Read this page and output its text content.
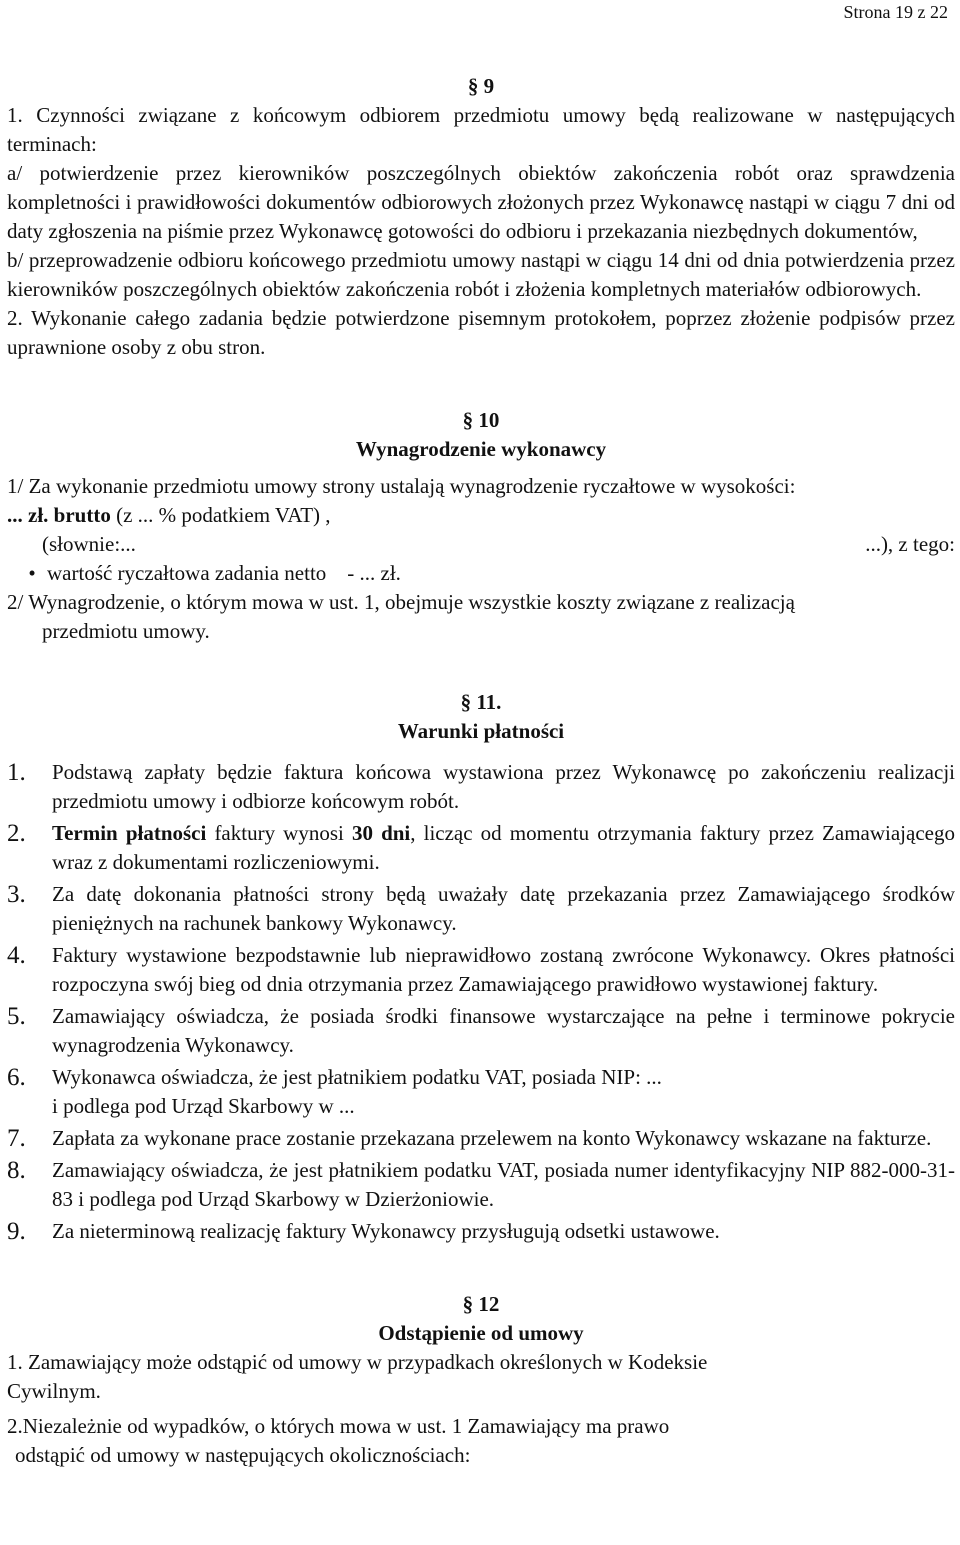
Strona 19 z 22
§ 9

1. Czynności związane z końcowym odbiorem przedmiotu umowy będą realizowane w następujących terminach:

a/ potwierdzenie przez kierowników poszczególnych obiektów zakończenia robót oraz sprawdzenia kompletności i prawidłowości dokumentów odbiorowych złożonych przez Wykonawcę nastąpi w ciągu 7 dni od daty zgłoszenia na piśmie przez Wykonawcę gotowości do odbioru i przekazania niezbędnych dokumentów,

b/ przeprowadzenie odbioru końcowego przedmiotu umowy nastąpi w ciągu 14 dni od dnia potwierdzenia przez kierowników poszczególnych obiektów zakończenia robót i złożenia kompletnych materiałów odbiorowych.

2. Wykonanie całego zadania będzie potwierdzone pisemnym protokołem, poprzez złożenie podpisów przez uprawnione osoby z obu stron.

§ 10
Wynagrodzenie wykonawcy

1/ Za wykonanie przedmiotu umowy strony ustalają wynagrodzenie ryczałtowe w wysokości:

... zł. brutto (z ... % podatkiem VAT) ,
(słownie:...	...), z tego:
• wartość ryczałtowa zadania netto    - ... zł.
2/ Wynagrodzenie, o którym mowa w ust. 1, obejmuje wszystkie koszty związane z realizacją
przedmiotu umowy.
§ 11.
Warunki płatności
1.	Podstawą zapłaty będzie faktura końcowa wystawiona przez Wykonawcę po zakończeniu realizacji przedmiotu umowy i odbiorze końcowym robót.
2.	Termin płatności faktury wynosi 30 dni, licząc od momentu otrzymania faktury przez Zamawiającego wraz z dokumentami rozliczeniowymi.
3.	Za datę dokonania płatności strony będą uważały datę przekazania przez Zamawiającego środków pieniężnych na rachunek bankowy Wykonawcy.
4.	Faktury wystawione bezpodstawnie lub nieprawidłowo zostaną zwrócone Wykonawcy. Okres płatności rozpoczyna swój bieg od dnia otrzymania przez Zamawiającego prawidłowo wystawionej faktury.
5.	Zamawiający oświadcza, że posiada środki finansowe wystarczające na pełne i terminowe pokrycie wynagrodzenia Wykonawcy.
6.	Wykonawca oświadcza, że jest płatnikiem podatku VAT, posiada NIP: ...
i podlega pod Urząd Skarbowy w ...
7.	Zapłata za wykonane prace zostanie przekazana przelewem na konto Wykonawcy wskazane na fakturze.
8.	Zamawiający oświadcza, że jest płatnikiem podatku VAT, posiada numer identyfikacyjny NIP 882-000-31-83 i podlega pod Urząd Skarbowy w Dzierżoniowie.
9.	Za nieterminową realizację faktury Wykonawcy przysługują odsetki ustawowe.
§ 12
Odstąpienie od umowy
1. Zamawiający może odstąpić od umowy w przypadkach określonych w Kodeksie
Cywilnym.
2.Niezależnie od wypadków, o których mowa w ust. 1 Zamawiający ma prawo
odstąpić od umowy w następujących okolicznościach:
